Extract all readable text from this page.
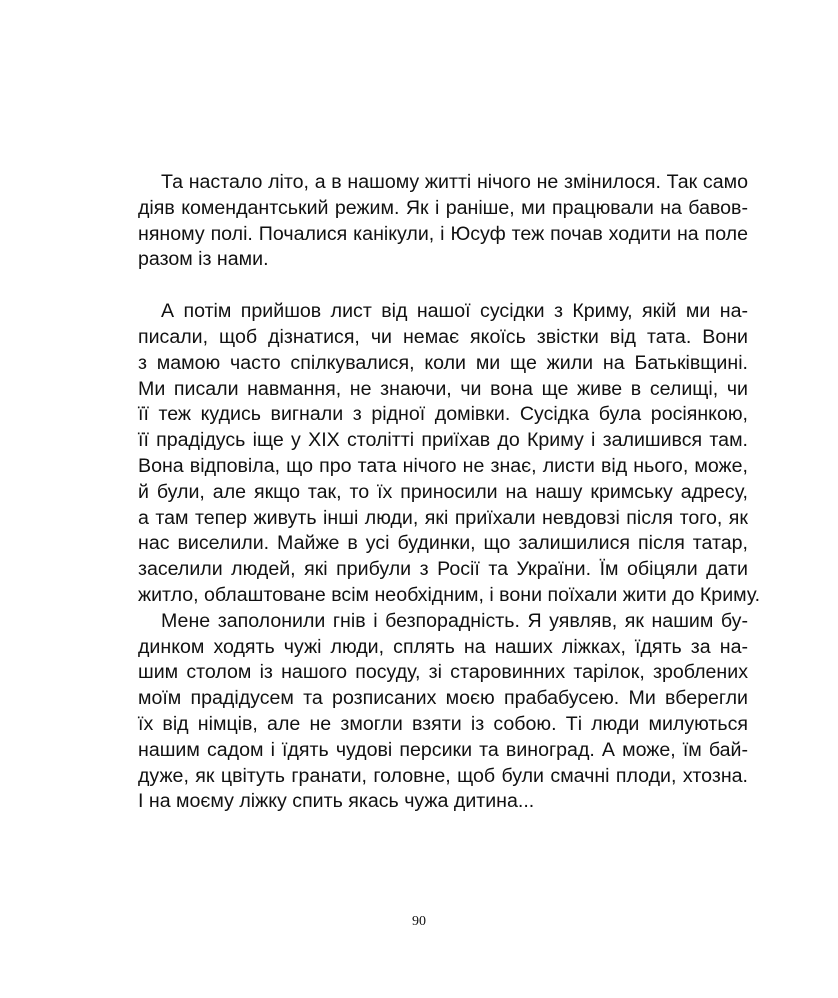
Та настало літо, а в нашому житті нічого не змінилося. Так само
діяв комендантський режим. Як і раніше, ми працювали на бавов-
няному полі. Почалися канікули, і Юсуф теж почав ходити на поле
разом із нами.

А потім прийшов лист від нашої сусідки з Криму, якій ми на-
писали, щоб дізнатися, чи немає якоїсь звістки від тата. Вони
з мамою часто спілкувалися, коли ми ще жили на Батьківщині.
Ми писали навмання, не знаючи, чи вона ще живе в селищі, чи
її теж кудись вигнали з рідної домівки. Сусідка була росіянкою,
її прадідусь іще у ХІХ столітті приїхав до Криму і залишився там.
Вона відповіла, що про тата нічого не знає, листи від нього, може,
й були, але якщо так, то їх приносили на нашу кримську адресу,
а там тепер живуть інші люди, які приїхали невдовзі після того, як
нас виселили. Майже в усі будинки, що залишилися після татар,
заселили людей, які прибули з Росії та України. Їм обіцяли дати
житло, облаштоване всім необхідним, і вони поїхали жити до Криму.

Мене заполонили гнів і безпорадність. Я уявляв, як нашим бу-
динком ходять чужі люди, сплять на наших ліжках, їдять за на-
шим столом із нашого посуду, зі старовинних тарілок, зроблених
моїм прадідусем та розписаних моєю прабабусею. Ми вберегли
їх від німців, але не змогли взяти із собою. Ті люди милуються
нашим садом і їдять чудові персики та виноград. А може, їм бай-
дуже, як цвітуть гранати, головне, щоб були смачні плоди, хтозна.
І на моєму ліжку спить якась чужа дитина...

90
